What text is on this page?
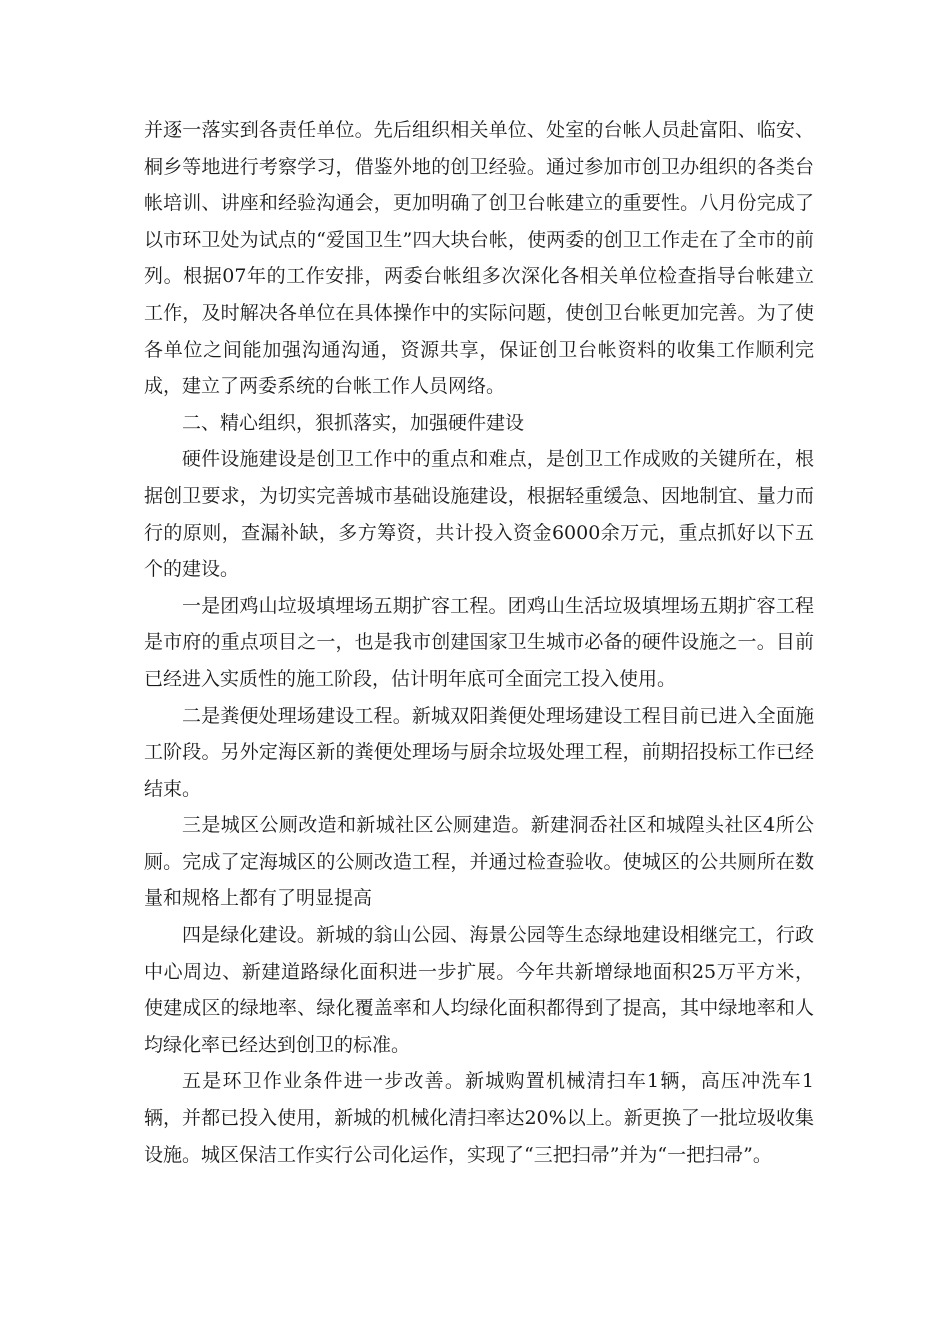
并逐一落实到各责任单位。先后组织相关单位、处室的台帐人员赴富阳、临安、桐乡等地进行考察学习，借鉴外地的创卫经验。通过参加市创卫办组织的各类台帐培训、讲座和经验沟通会，更加明确了创卫台帐建立的重要性。八月份完成了以市环卫处为试点的“爱国卫生”四大块台帐，使两委的创卫工作走在了全市的前列。根据07年的工作安排，两委台帐组多次深化各相关单位检查指导台帐建立工作，及时解决各单位在具体操作中的实际问题，使创卫台帐更加完善。为了使各单位之间能加强沟通沟通，资源共享，保证创卫台帐资料的收集工作顺利完成，建立了两委系统的台帐工作人员网络。

二、精心组织，狠抓落实，加强硬件建设

硬件设施建设是创卫工作中的重点和难点，是创卫工作成败的关键所在，根据创卫要求，为切实完善城市基础设施建设，根据轻重缓急、因地制宜、量力而行的原则，查漏补缺，多方筹资，共计投入资金6000余万元，重点抓好以下五个的建设。

一是团鸡山垃圾填埋场五期扩容工程。团鸡山生活垃圾填埋场五期扩容工程是市府的重点项目之一，也是我市创建国家卫生城市必备的硬件设施之一。目前已经进入实质性的施工阶段，估计明年底可全面完工投入使用。

二是粪便处理场建设工程。新城双阳粪便处理场建设工程目前已进入全面施工阶段。另外定海区新的粪便处理场与厨余垃圾处理工程，前期招投标工作已经结束。

三是城区公厕改造和新城社区公厕建造。新建洞岙社区和城隍头社区4所公厕。完成了定海城区的公厕改造工程，并通过检查验收。使城区的公共厕所在数量和规格上都有了明显提高

四是绿化建设。新城的翁山公园、海景公园等生态绿地建设相继完工，行政中心周边、新建道路绿化面积进一步扩展。今年共新增绿地面积25万平方米，使建成区的绿地率、绿化覆盖率和人均绿化面积都得到了提高，其中绿地率和人均绿化率已经达到创卫的标准。

五是环卫作业条件进一步改善。新城购置机械清扫车1辆，高压冲洗车1辆，并都已投入使用，新城的机械化清扫率达20%以上。新更换了一批垃圾收集设施。城区保洁工作实行公司化运作，实现了“三把扫帚”并为“一把扫帚”。
